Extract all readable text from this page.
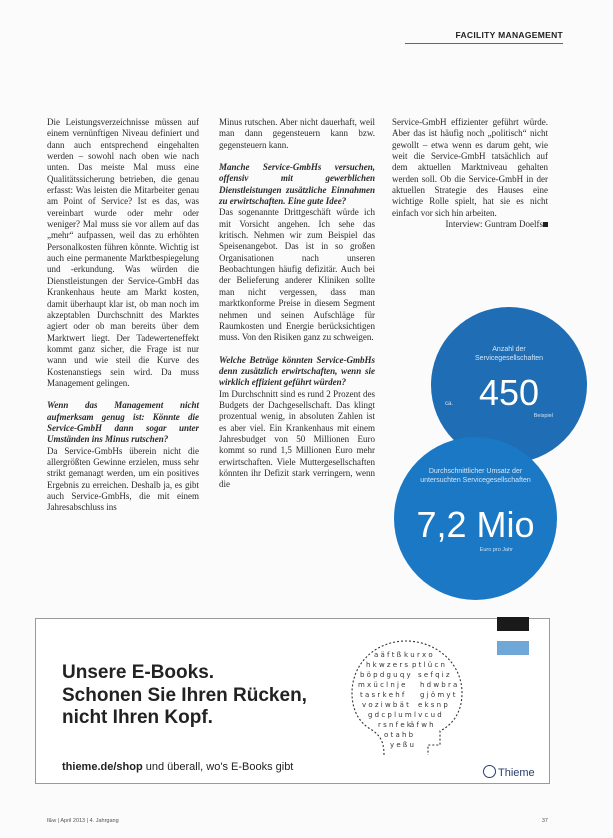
FACILITY MANAGEMENT

Die Leistungsverzeichnisse müssen auf einem vernünftigen Niveau definiert und dann auch entsprechend eingehalten werden – sowohl nach oben wie nach unten. Das meiste Mal muss eine Qualitätssicherung betrieben, die genau erfasst: Was leisten die Mitarbeiter genau am Point of Service? Ist es das, was vereinbart wurde oder mehr oder weniger? Mal muss sie vor allem auf das „mehr“ aufpassen, weil das zu erhöhten Personalkosten führen könnte. Wichtig ist auch eine permanente Marktbespiegelung und -erkundung. Was würden die Dienstleistungen der Service-GmbH das Krankenhaus heute am Markt kosten, damit überhaupt klar ist, ob man noch im akzeptablen Durchschnitt des Marktes agiert oder ob man bereits über dem Marktwert liegt. Der Tadewerteneffekt kommt ganz sicher, die Frage ist nur wann und wie steil die Kurve des Kostenanstiegs sein wird. Da muss Management gelingen.

Wenn das Management nicht aufmerksam genug ist: Könnte die Service-GmbH dann sogar unter Umständen ins Minus rutschen?

Da Service-GmbHs überein nicht die allergrößten Gewinne erzielen, muss sehr strikt gemanagt werden, um ein positives Ergebnis zu erreichen. Deshalb ja, es gibt auch Service-GmbHs, die mit einem Jahresabschluss ins

Minus rutschen. Aber nicht dauerhaft, weil man dann gegensteuern kann bzw. gegensteuern kann.

Manche Service-GmbHs versuchen, offensiv mit gewerblichen Dienstleistungen zusätzliche Einnahmen zu erwirtschaften. Eine gute Idee?

Das sogenannte Drittgeschäft würde ich mit Vorsicht angehen. Ich sehe das kritisch. Nehmen wir zum Beispiel das Speisenangebot. Das ist in so großen Organisationen nach unseren Beobachtungen häufig defizitär. Auch bei der Belieferung anderer Kliniken sollte man nicht vergessen, dass man marktkonforme Preise in diesem Segment nehmen und seinen Aufschläge für Raumkosten und Energie berücksichtigen muss. Von den Risiken ganz zu schweigen.

Welche Beträge könnten Service-GmbHs denn zusätzlich erwirtschaften, wenn sie wirklich effizient geführt würden?

Im Durchschnitt sind es rund 2 Prozent des Budgets der Dachgesellschaft. Das klingt prozentual wenig, in absoluten Zahlen ist es aber viel. Ein Krankenhaus mit einem Jahresbudget von 50 Millionen Euro kommt so rund 1,5 Millionen Euro mehr erwirtschaften. Viele Muttergesellschaften könnten ihr Defizit stark verringern, wenn die

Service-GmbH effizienter geführt würde. Aber das ist häufig noch „politisch“ nicht gewollt – etwa wenn es darum geht, wie weit die Service-GmbH tatsächlich auf dem aktuellen Marktniveau gehalten werden soll. Ob die Service-GmbH in der aktuellen Strategie des Hauses eine wichtige Rolle spielt, hat sie es nicht einfach vor sich hin arbeiten.

Interview: Guntram Doelfs

Anzahl der Servicegesellschaften
ca. 450
Beispiel
Durchschnittlicher Umsatz der untersuchten Servicegesellschaften
7,2 Mio
Euro pro Jahr
Unsere E-Books.
Schonen Sie Ihren Rücken,
nicht Ihren Kopf.
a ä f t ß
h k w z e r s
b ö p d g u q y
m x ü c l n j e
t a s r k e h f
v o z i w b ä t
g d c p l u m
r s n f e k
o t a h b
y e ß u
k u r x o
p t l ü c n
s e f q i z
h d w b r a
g j ö m y t
e k s n p
l v c u d
ä f w h
thieme.de/shop und überall, wo's E-Books gibt	Thieme
f&w | April 2013 | 4. Jahrgang	37
